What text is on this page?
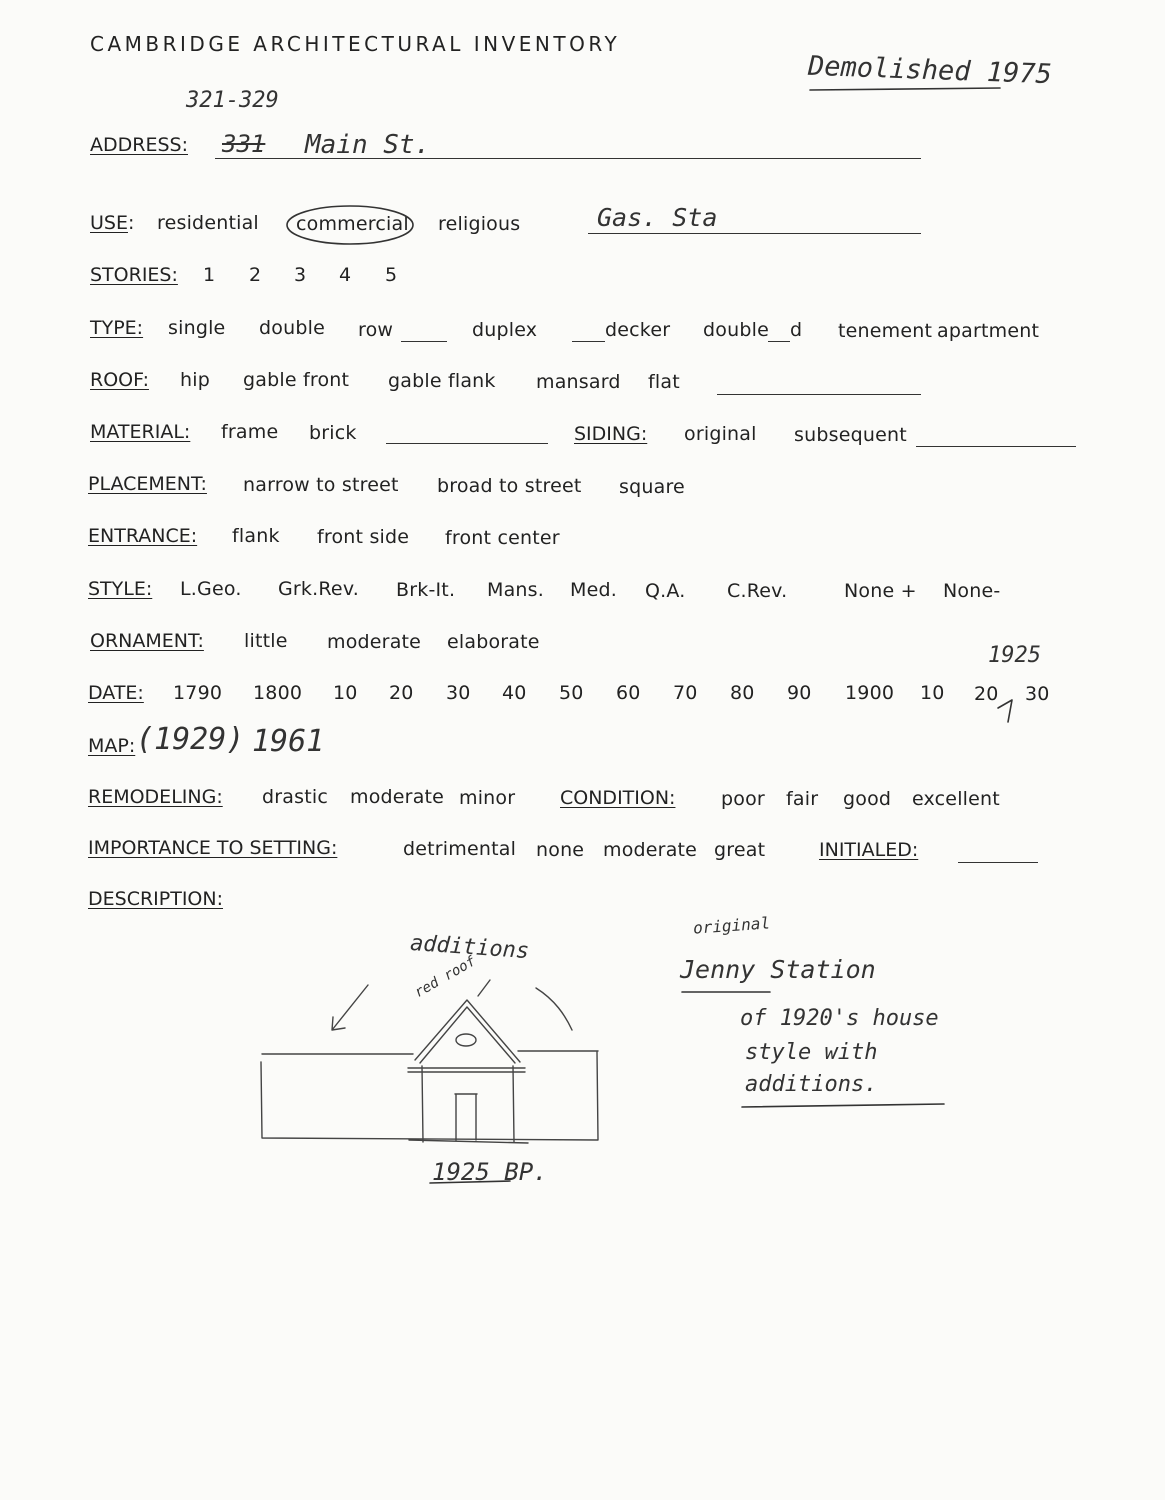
CAMBRIDGE ARCHITECTURAL INVENTORY
Demolished 1975
321-329
ADDRESS: 331 Main St.
USE: residential commercial religious	Gas. Sta
STORIES: 1 2 3 4 5
TYPE: single double row	duplex	decker double d tenement apartment
ROOF: hip gable front gable flank mansard flat
MATERIAL: frame brick	SIDING: original subsequent
PLACEMENT: narrow to street broad to street square
ENTRANCE: flank front side front center
STYLE: L.Geo. Grk.Rev. Brk-It. Mans. Med. Q.A. C.Rev.	None + None-
ORNAMENT: little moderate elaborate
1925
DATE: 1790 1800 10 20 30 40 50 60 70 80 90 1900 10 20 30
MAP: (1929) 1961
REMODELING: drastic moderate minor CONDITION: poor fair good excellent
IMPORTANCE TO SETTING:	detrimental none moderate great	INITIALED:
DESCRIPTION:
additions
red roof
1925 BP.
original
Jenny Station
of 1920's house
style with
additions.
